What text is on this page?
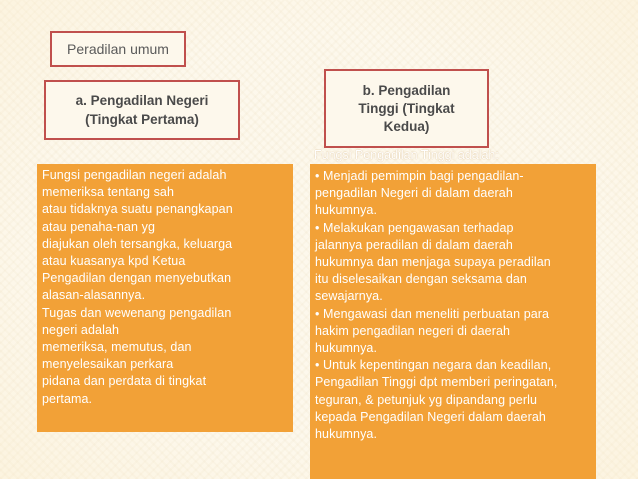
Peradilan umum
a. Pengadilan Negeri
(Tingkat Pertama)
b. Pengadilan
Tinggi (Tingkat
Kedua)
Fungsi pengadilan negeri adalah
memeriksa tentang sah
atau tidaknya suatu penangkapan
atau penaha-nan yg
diajukan oleh tersangka, keluarga
atau kuasanya kpd Ketua
Pengadilan dengan menyebutkan
alasan-alasannya.
Tugas dan wewenang pengadilan
negeri adalah
memeriksa, memutus, dan
menyelesaikan perkara
pidana dan perdata di tingkat
pertama.
Fungsi Pengadilan Tinggi adalah:
• Menjadi pemimpin bagi pengadilan-
pengadilan Negeri di dalam daerah
hukumnya.
• Melakukan pengawasan terhadap
jalannya peradilan di dalam daerah
hukumnya dan menjaga supaya peradilan
itu diselesaikan dengan seksama dan
sewajarnya.
• Mengawasi dan meneliti perbuatan para
hakim pengadilan negeri di daerah
hukumnya.
• Untuk kepentingan negara dan keadilan,
Pengadilan Tinggi dpt memberi peringatan,
teguran, & petunjuk yg dipandang perlu
kepada Pengadilan Negeri dalam daerah
hukumnya.
